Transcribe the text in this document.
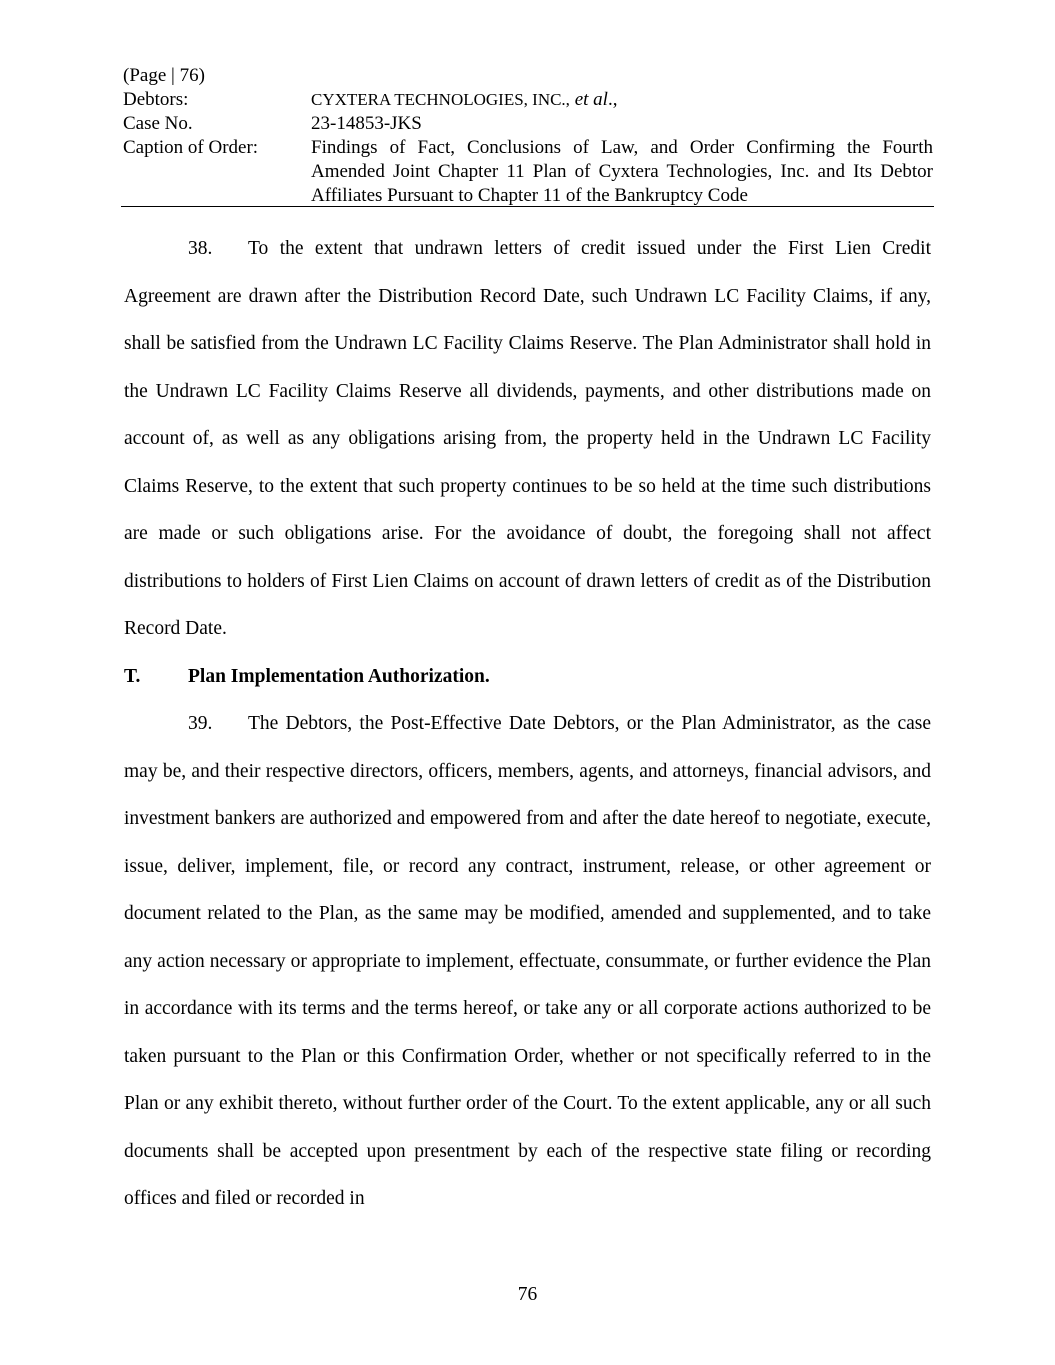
(Page | 76)
Debtors:	CYXTERA TECHNOLOGIES, INC., et al.,
Case No.	23-14853-JKS
Caption of Order:	Findings of Fact, Conclusions of Law, and Order Confirming the Fourth Amended Joint Chapter 11 Plan of Cyxtera Technologies, Inc. and Its Debtor Affiliates Pursuant to Chapter 11 of the Bankruptcy Code

38. To the extent that undrawn letters of credit issued under the First Lien Credit Agreement are drawn after the Distribution Record Date, such Undrawn LC Facility Claims, if any, shall be satisfied from the Undrawn LC Facility Claims Reserve. The Plan Administrator shall hold in the Undrawn LC Facility Claims Reserve all dividends, payments, and other distributions made on account of, as well as any obligations arising from, the property held in the Undrawn LC Facility Claims Reserve, to the extent that such property continues to be so held at the time such distributions are made or such obligations arise. For the avoidance of doubt, the foregoing shall not affect distributions to holders of First Lien Claims on account of drawn letters of credit as of the Distribution Record Date.

T.	Plan Implementation Authorization.

39. The Debtors, the Post-Effective Date Debtors, or the Plan Administrator, as the case may be, and their respective directors, officers, members, agents, and attorneys, financial advisors, and investment bankers are authorized and empowered from and after the date hereof to negotiate, execute, issue, deliver, implement, file, or record any contract, instrument, release, or other agreement or document related to the Plan, as the same may be modified, amended and supplemented, and to take any action necessary or appropriate to implement, effectuate, consummate, or further evidence the Plan in accordance with its terms and the terms hereof, or take any or all corporate actions authorized to be taken pursuant to the Plan or this Confirmation Order, whether or not specifically referred to in the Plan or any exhibit thereto, without further order of the Court. To the extent applicable, any or all such documents shall be accepted upon presentment by each of the respective state filing or recording offices and filed or recorded in

76
